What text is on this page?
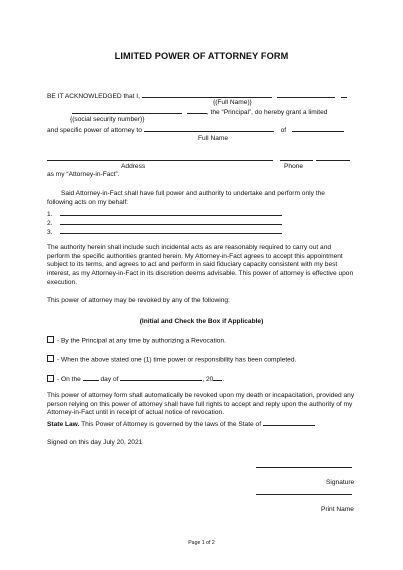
LIMITED POWER OF ATTORNEY FORM
BE IT ACKNOWLEDGED that I,
{(Full Name)}
, the “Principal”, do hereby grant a limited
{(social security number)}
and specific power of attorney to	of
Full Name
Address	Phone
as my “Attorney-in-Fact”.
Said Attorney-in-Fact shall have full power and authority to undertake and perform only the following acts on my behalf:
1.
2.
3.
The authority herein shall include such incidental acts as are reasonably required to carry out and perform the specific authorities granted herein. My Attorney-in-Fact agrees to accept this appointment subject to its terms, and agrees to act and perform in said fiduciary capacity consistent with my best interest, as my Attorney-in-Fact in its discretion deems advisable. This power of attorney is effective upon execution.
This power of attorney may be revoked by any of the following:
(Initial and Check the Box if Applicable)
- By the Principal at any time by authorizing a Revocation.
- When the above stated one (1) time power or responsibility has been completed.
- On the	day of	, 20 .
This power of attorney form shall automatically be revoked upon my death or incapacitation, provided any person relying on this power of attorney shall have full rights to accept and reply upon the authority of my Attorney-in-Fact until in receipt of actual notice of revocation.
State Law. This Power of Attorney is governed by the laws of the State of
Signed on this day July 20, 2021
Signature
Print Name
Page 1 of 2
